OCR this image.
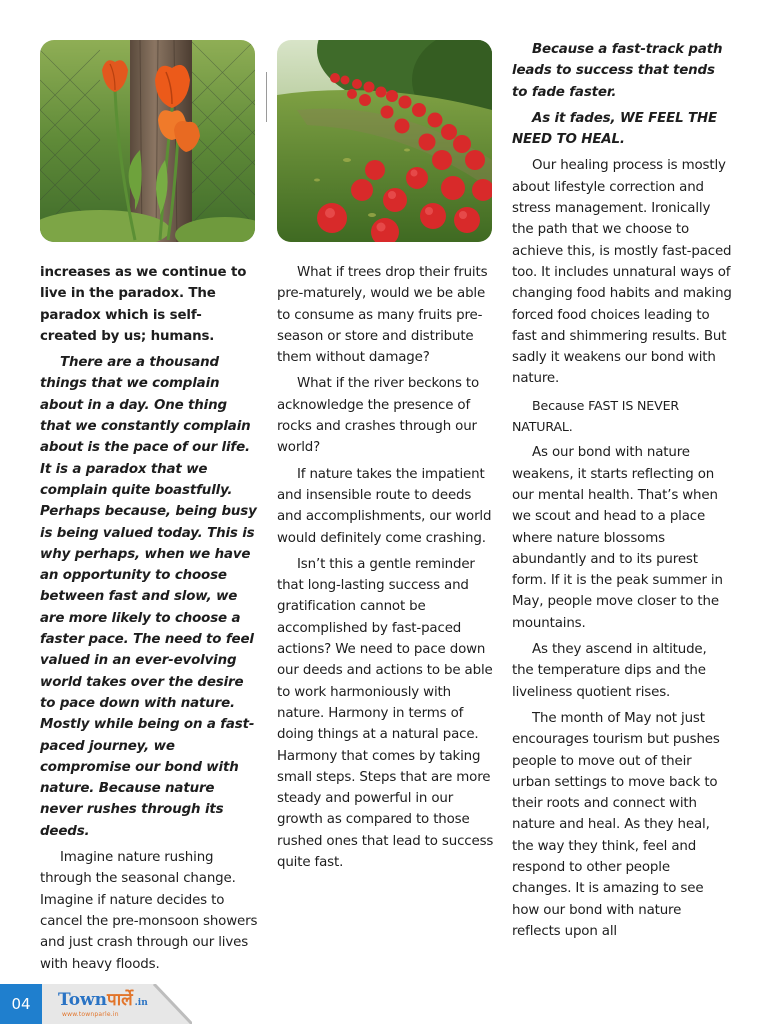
increases as we continue to live in the paradox. The paradox which is self-created by us; humans.

There are a thousand things that we complain about in a day. One thing that we constantly complain about is the pace of our life. It is a paradox that we complain quite boastfully. Perhaps because, being busy is being valued today. This is why perhaps, when we have an opportunity to choose between fast and slow, we are more likely to choose a faster pace. The need to feel valued in an ever-evolving world takes over the desire to pace down with nature. Mostly while being on a fast-paced journey, we compromise our bond with nature. Because nature never rushes through its deeds.

Imagine nature rushing through the seasonal change. Imagine if nature decides to cancel the pre-monsoon showers and just crash through our lives with heavy floods.

What if trees drop their fruits pre-maturely, would we be able to consume as many fruits pre-season or store and distribute them without damage?

What if the river beckons to acknowledge the presence of rocks and crashes through our world?

If nature takes the impatient and insensible route to deeds and accomplishments, our world would definitely come crashing.

Isn’t this a gentle reminder that long-lasting success and gratification cannot be accomplished by fast-paced actions? We need to pace down our deeds and actions to be able to work harmoniously with nature. Harmony in terms of doing things at a natural pace. Harmony that comes by taking small steps. Steps that are more steady and powerful in our growth as compared to those rushed ones that lead to success quite fast.

Because a fast-track path leads to success that tends to fade faster.

As it fades, WE FEEL THE NEED TO HEAL.

Our healing process is mostly about lifestyle correction and stress management. Ironically the path that we choose to achieve this, is mostly fast-paced too. It includes unnatural ways of changing food habits and making forced food choices leading to fast and shimmering results. But sadly it weakens our bond with nature.

Because FAST IS NEVER NATURAL.

As our bond with nature weakens, it starts reflecting on our mental health. That’s when we scout and head to a place where nature blossoms abundantly and to its purest form. If it is the peak summer in May, people move closer to the mountains.

As they ascend in altitude, the temperature dips and the liveliness quotient rises.

The month of May not just encourages tourism but pushes people to move out of their urban settings to move back to their roots and connect with nature and heal. As they heal, the way they think, feel and respond to other people changes. It is amazing to see how our bond with nature reflects upon all

04	Townपार्ले .in
www.townparle.in
